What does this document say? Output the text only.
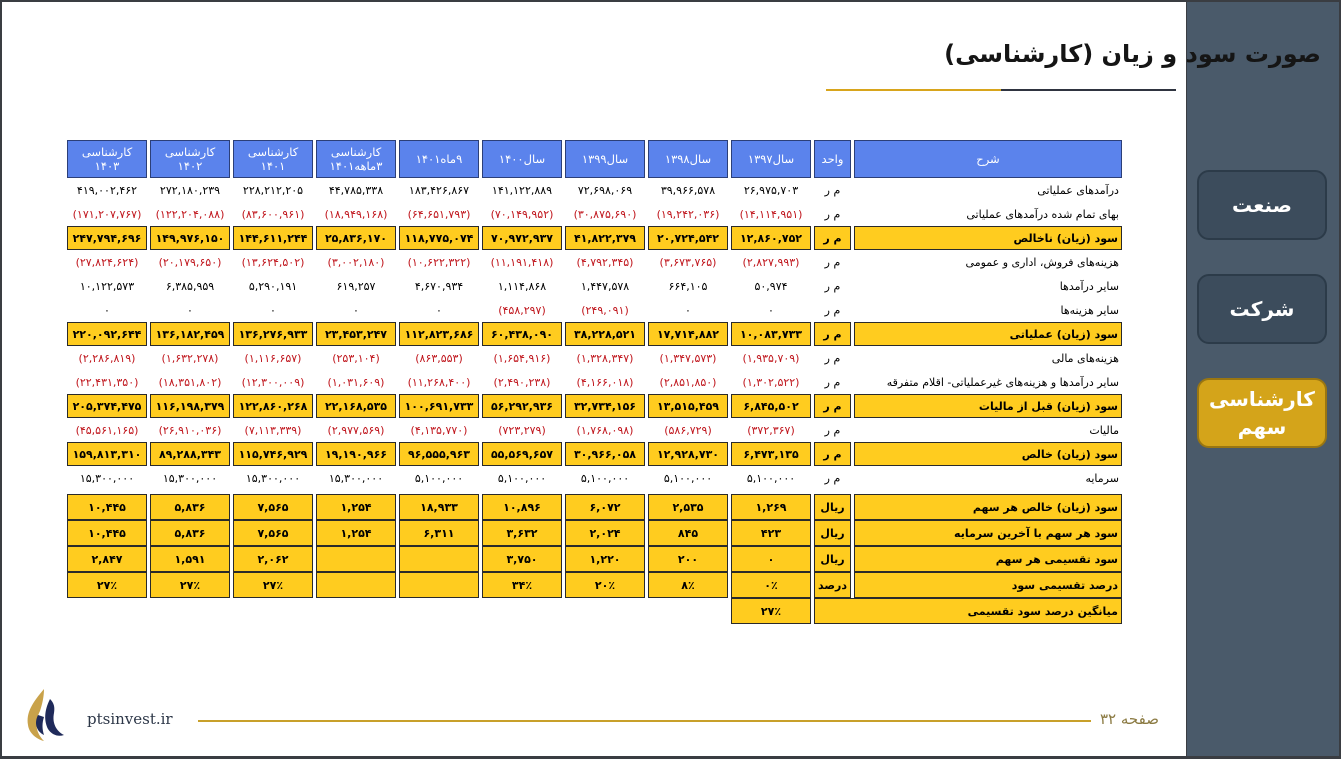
صورت سود و زیان (کارشناسی)
صنعت
شرکت
کارشناسی سهم
شرح	واحد	سال۱۳۹۷	سال۱۳۹۸	سال۱۳۹۹	سال۱۴۰۰	۹ماه۱۴۰۱	کارشناسی ۳ماهه۱۴۰۱	کارشناسی ۱۴۰۱	کارشناسی ۱۴۰۲	کارشناسی ۱۴۰۳
درآمدهای عملیاتی	م ر	۲۶,۹۷۵,۷۰۳	۳۹,۹۶۶,۵۷۸	۷۲,۶۹۸,۰۶۹	۱۴۱,۱۲۲,۸۸۹	۱۸۳,۴۲۶,۸۶۷	۴۴,۷۸۵,۳۳۸	۲۲۸,۲۱۲,۲۰۵	۲۷۲,۱۸۰,۲۳۹	۴۱۹,۰۰۲,۴۶۲
بهای تمام شده درآمدهای عملیاتی	م ر	(۱۴,۱۱۴,۹۵۱)	(۱۹,۲۴۲,۰۳۶)	(۳۰,۸۷۵,۶۹۰)	(۷۰,۱۴۹,۹۵۲)	(۶۴,۶۵۱,۷۹۳)	(۱۸,۹۴۹,۱۶۸)	(۸۳,۶۰۰,۹۶۱)	(۱۲۲,۲۰۴,۰۸۸)	(۱۷۱,۲۰۷,۷۶۷)
سود (زیان) ناخالص	م ر	۱۲,۸۶۰,۷۵۲	۲۰,۷۲۴,۵۴۲	۴۱,۸۲۲,۳۷۹	۷۰,۹۷۲,۹۳۷	۱۱۸,۷۷۵,۰۷۴	۲۵,۸۳۶,۱۷۰	۱۴۴,۶۱۱,۲۴۴	۱۴۹,۹۷۶,۱۵۰	۲۴۷,۷۹۴,۶۹۶
هزینه‌های فروش، اداری و عمومی	م ر	(۲,۸۲۷,۹۹۳)	(۳,۶۷۳,۷۶۵)	(۴,۷۹۲,۳۴۵)	(۱۱,۱۹۱,۴۱۸)	(۱۰,۶۲۲,۳۲۲)	(۳,۰۰۲,۱۸۰)	(۱۳,۶۲۴,۵۰۲)	(۲۰,۱۷۹,۶۵۰)	(۲۷,۸۲۴,۶۲۴)
سایر درآمدها	م ر	۵۰,۹۷۴	۶۶۴,۱۰۵	۱,۴۴۷,۵۷۸	۱,۱۱۴,۸۶۸	۴,۶۷۰,۹۳۴	۶۱۹,۲۵۷	۵,۲۹۰,۱۹۱	۶,۳۸۵,۹۵۹	۱۰,۱۲۲,۵۷۳
سایر هزینه‌ها	م ر	۰	۰	(۲۴۹,۰۹۱)	(۴۵۸,۲۹۷)	۰	۰	۰	۰	۰
سود (زیان) عملیاتی	م ر	۱۰,۰۸۳,۷۳۳	۱۷,۷۱۴,۸۸۲	۳۸,۲۲۸,۵۲۱	۶۰,۴۳۸,۰۹۰	۱۱۲,۸۲۳,۶۸۶	۲۳,۴۵۳,۲۴۷	۱۳۶,۲۷۶,۹۳۳	۱۳۶,۱۸۲,۴۵۹	۲۲۰,۰۹۲,۶۴۴
هزینه‌های مالی	م ر	(۱,۹۳۵,۷۰۹)	(۱,۳۴۷,۵۷۳)	(۱,۳۲۸,۳۴۷)	(۱,۶۵۴,۹۱۶)	(۸۶۳,۵۵۳)	(۲۵۳,۱۰۴)	(۱,۱۱۶,۶۵۷)	(۱,۶۳۲,۲۷۸)	(۲,۲۸۶,۸۱۹)
سایر درآمدها و هزینه‌های غیرعملیاتی- اقلام متفرقه	م ر	(۱,۳۰۲,۵۲۲)	(۲,۸۵۱,۸۵۰)	(۴,۱۶۶,۰۱۸)	(۲,۴۹۰,۲۳۸)	(۱۱,۲۶۸,۴۰۰)	(۱,۰۳۱,۶۰۹)	(۱۲,۳۰۰,۰۰۹)	(۱۸,۳۵۱,۸۰۲)	(۲۲,۴۳۱,۳۵۰)
سود (زیان) قبل از مالیات	م ر	۶,۸۴۵,۵۰۲	۱۳,۵۱۵,۴۵۹	۳۲,۷۳۴,۱۵۶	۵۶,۲۹۲,۹۳۶	۱۰۰,۶۹۱,۷۳۳	۲۲,۱۶۸,۵۳۵	۱۲۲,۸۶۰,۲۶۸	۱۱۶,۱۹۸,۳۷۹	۲۰۵,۳۷۴,۴۷۵
مالیات	م ر	(۳۷۲,۳۶۷)	(۵۸۶,۷۲۹)	(۱,۷۶۸,۰۹۸)	(۷۲۳,۲۷۹)	(۴,۱۳۵,۷۷۰)	(۲,۹۷۷,۵۶۹)	(۷,۱۱۳,۳۳۹)	(۲۶,۹۱۰,۰۳۶)	(۴۵,۵۶۱,۱۶۵)
سود (زیان) خالص	م ر	۶,۴۷۳,۱۳۵	۱۲,۹۲۸,۷۳۰	۳۰,۹۶۶,۰۵۸	۵۵,۵۶۹,۶۵۷	۹۶,۵۵۵,۹۶۳	۱۹,۱۹۰,۹۶۶	۱۱۵,۷۴۶,۹۲۹	۸۹,۲۸۸,۳۴۳	۱۵۹,۸۱۳,۳۱۰
سرمایه	م ر	۵,۱۰۰,۰۰۰	۵,۱۰۰,۰۰۰	۵,۱۰۰,۰۰۰	۵,۱۰۰,۰۰۰	۵,۱۰۰,۰۰۰	۱۵,۳۰۰,۰۰۰	۱۵,۳۰۰,۰۰۰	۱۵,۳۰۰,۰۰۰	۱۵,۳۰۰,۰۰۰

سود (زیان) خالص هر سهم	ریال	۱,۲۶۹	۲,۵۳۵	۶,۰۷۲	۱۰,۸۹۶	۱۸,۹۳۳	۱,۲۵۴	۷,۵۶۵	۵,۸۳۶	۱۰,۴۴۵
سود هر سهم با آخرین سرمایه	ریال	۴۲۳	۸۴۵	۲,۰۲۴	۳,۶۳۲	۶,۳۱۱	۱,۲۵۴	۷,۵۶۵	۵,۸۳۶	۱۰,۴۴۵
سود تقسیمی هر سهم	ریال	۰	۲۰۰	۱,۲۲۰	۳,۷۵۰			۲,۰۶۲	۱,۵۹۱	۲,۸۴۷
درصد تقسیمی سود	درصد	۰٪	۸٪	۲۰٪	۳۴٪			۲۷٪	۲۷٪	۲۷٪
میانگین درصد سود تقسیمی		۲۷٪								
ptsinvest.ir	صفحه ۳۲
